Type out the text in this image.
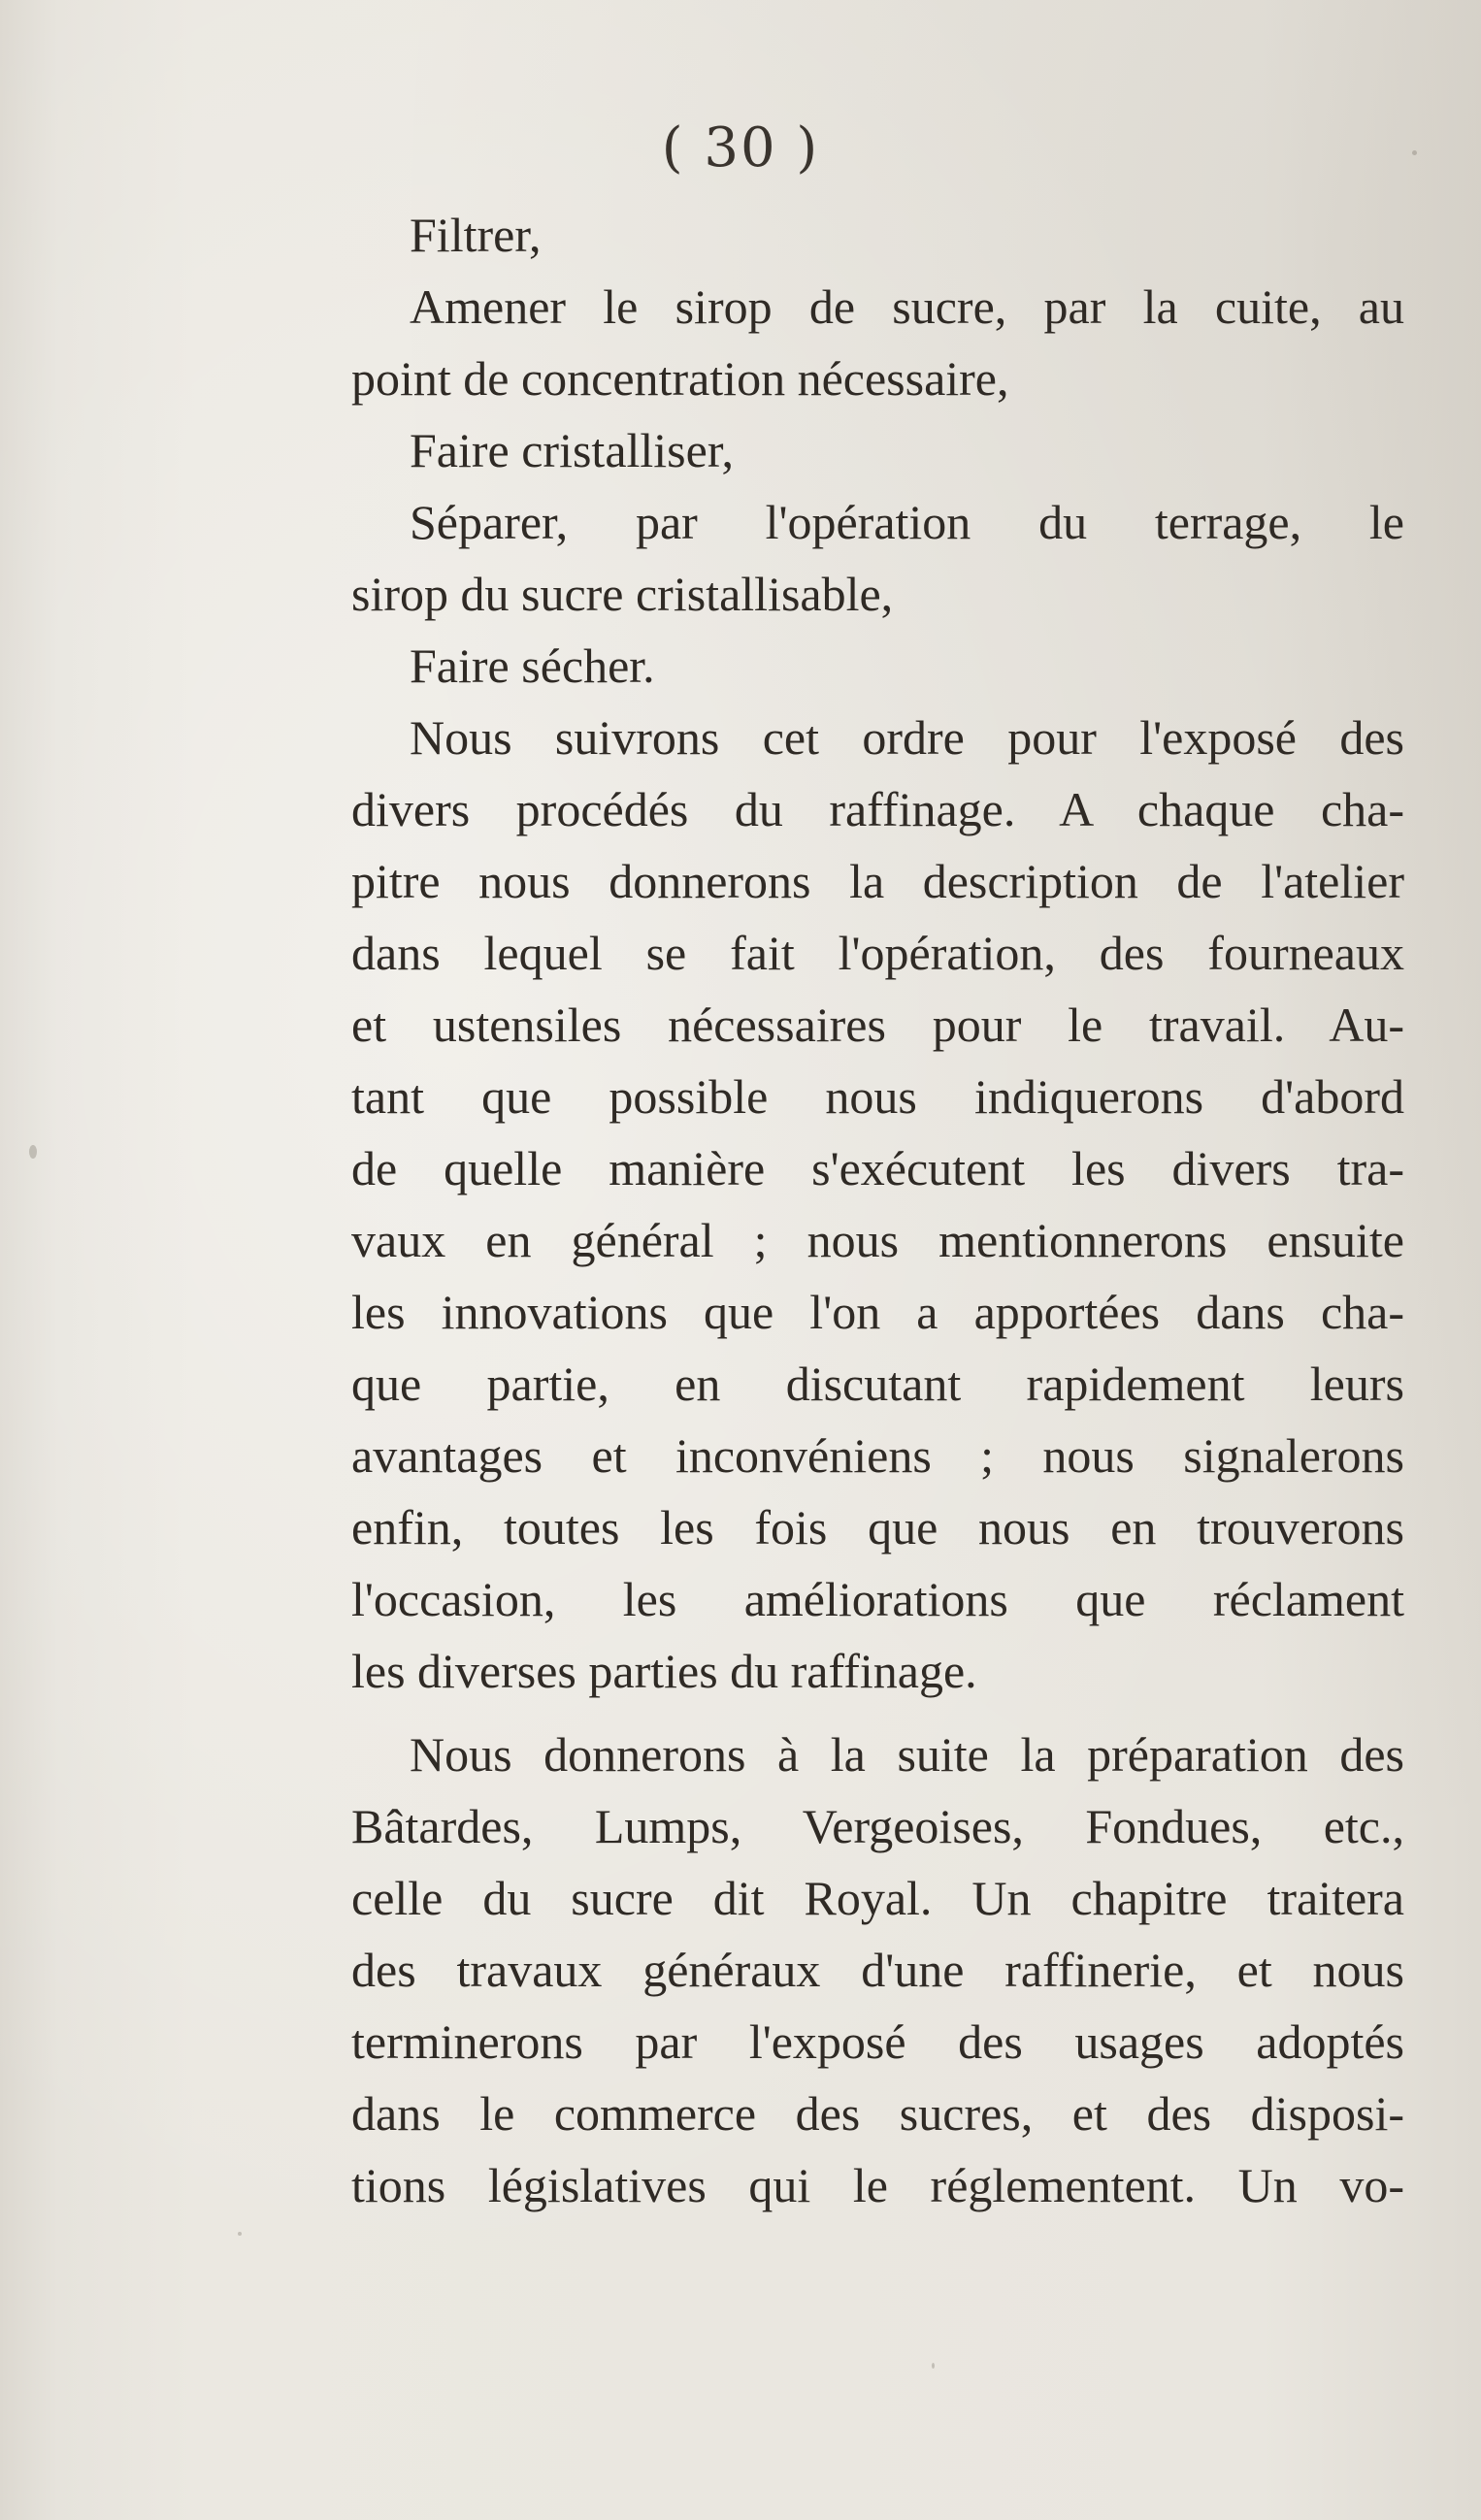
( 30 )
Filtrer,
Amener le sirop de sucre, par la cuite, au
point de concentration nécessaire,
Faire cristalliser,
Séparer, par l'opération du terrage, le
sirop du sucre cristallisable,
Faire sécher.
Nous suivrons cet ordre pour l'exposé des
divers procédés du raffinage. A chaque cha-
pitre nous donnerons la description de l'atelier
dans lequel se fait l'opération, des fourneaux
et ustensiles nécessaires pour le travail. Au-
tant que possible nous indiquerons d'abord
de quelle manière s'exécutent les divers tra-
vaux en général ; nous mentionnerons ensuite
les innovations que l'on a apportées dans cha-
que partie, en discutant rapidement leurs
avantages et inconvéniens ; nous signalerons
enfin, toutes les fois que nous en trouverons
l'occasion, les améliorations que réclament
les diverses parties du raffinage.
Nous donnerons à la suite la préparation des
Bâtardes, Lumps, Vergeoises, Fondues, etc.,
celle du sucre dit Royal. Un chapitre traitera
des travaux généraux d'une raffinerie, et nous
terminerons par l'exposé des usages adoptés
dans le commerce des sucres, et des disposi-
tions législatives qui le réglementent. Un vo-
